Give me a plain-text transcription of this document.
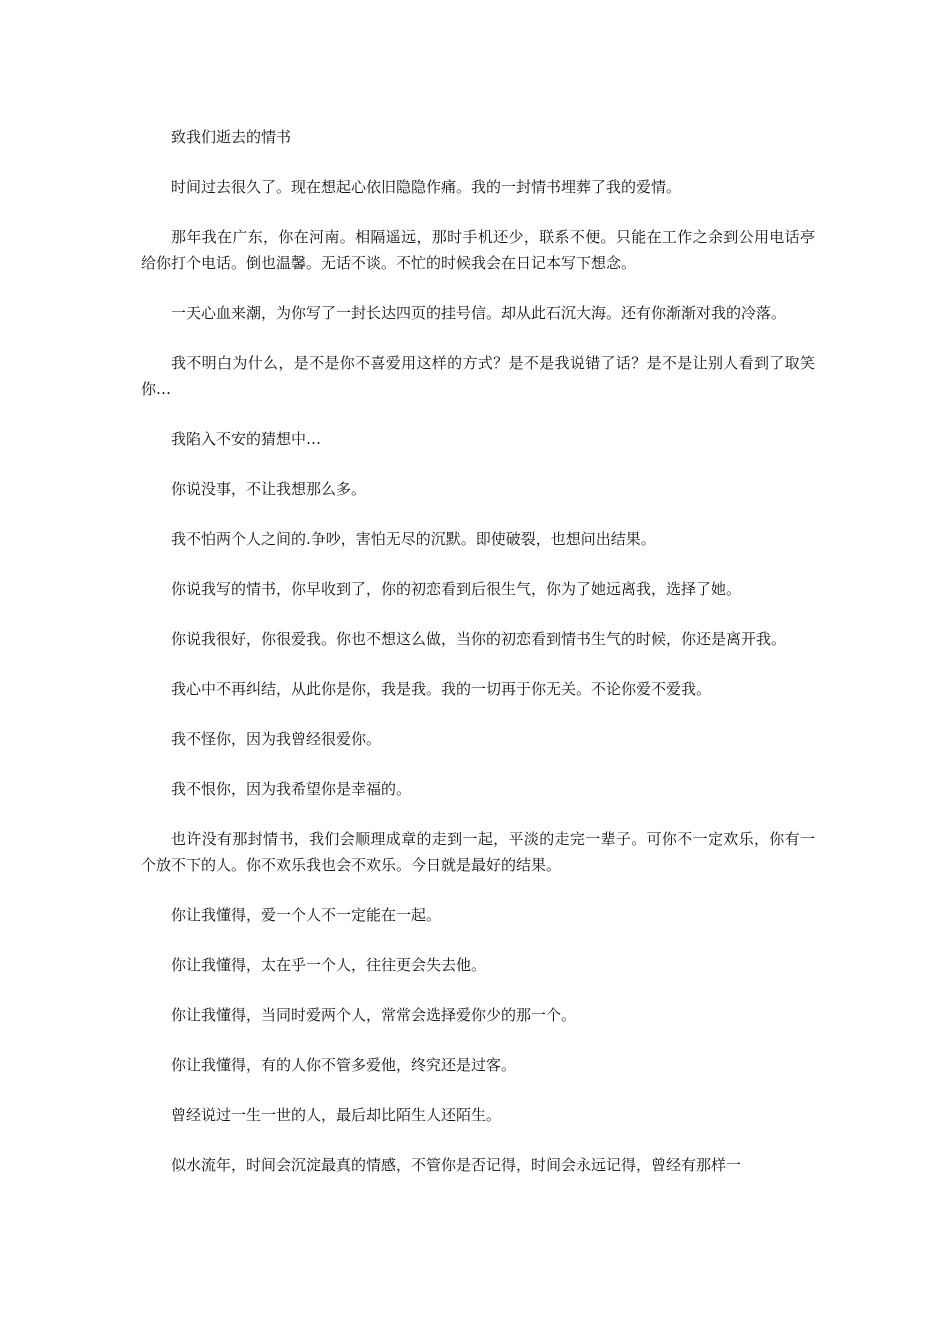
致我们逝去的情书

时间过去很久了。现在想起心依旧隐隐作痛。我的一封情书埋葬了我的爱情。

那年我在广东，你在河南。相隔遥远，那时手机还少，联系不便。只能在工作之余到公用电话亭给你打个电话。倒也温馨。无话不谈。不忙的时候我会在日记本写下想念。

一天心血来潮，为你写了一封长达四页的挂号信。却从此石沉大海。还有你渐渐对我的冷落。

我不明白为什么，是不是你不喜爱用这样的方式？是不是我说错了话？是不是让别人看到了取笑你…

我陷入不安的猜想中…

你说没事，不让我想那么多。

我不怕两个人之间的.争吵，害怕无尽的沉默。即使破裂，也想问出结果。

你说我写的情书，你早收到了，你的初恋看到后很生气，你为了她远离我，选择了她。

你说我很好，你很爱我。你也不想这么做，当你的初恋看到情书生气的时候，你还是离开我。

我心中不再纠结，从此你是你，我是我。我的一切再于你无关。不论你爱不爱我。

我不怪你，因为我曾经很爱你。

我不恨你，因为我希望你是幸福的。

也许没有那封情书，我们会顺理成章的走到一起，平淡的走完一辈子。可你不一定欢乐，你有一个放不下的人。你不欢乐我也会不欢乐。今日就是最好的结果。

你让我懂得，爱一个人不一定能在一起。

你让我懂得，太在乎一个人，往往更会失去他。

你让我懂得，当同时爱两个人，常常会选择爱你少的那一个。

你让我懂得，有的人你不管多爱他，终究还是过客。

曾经说过一生一世的人，最后却比陌生人还陌生。

似水流年，时间会沉淀最真的情感，不管你是否记得，时间会永远记得，曾经有那样一
